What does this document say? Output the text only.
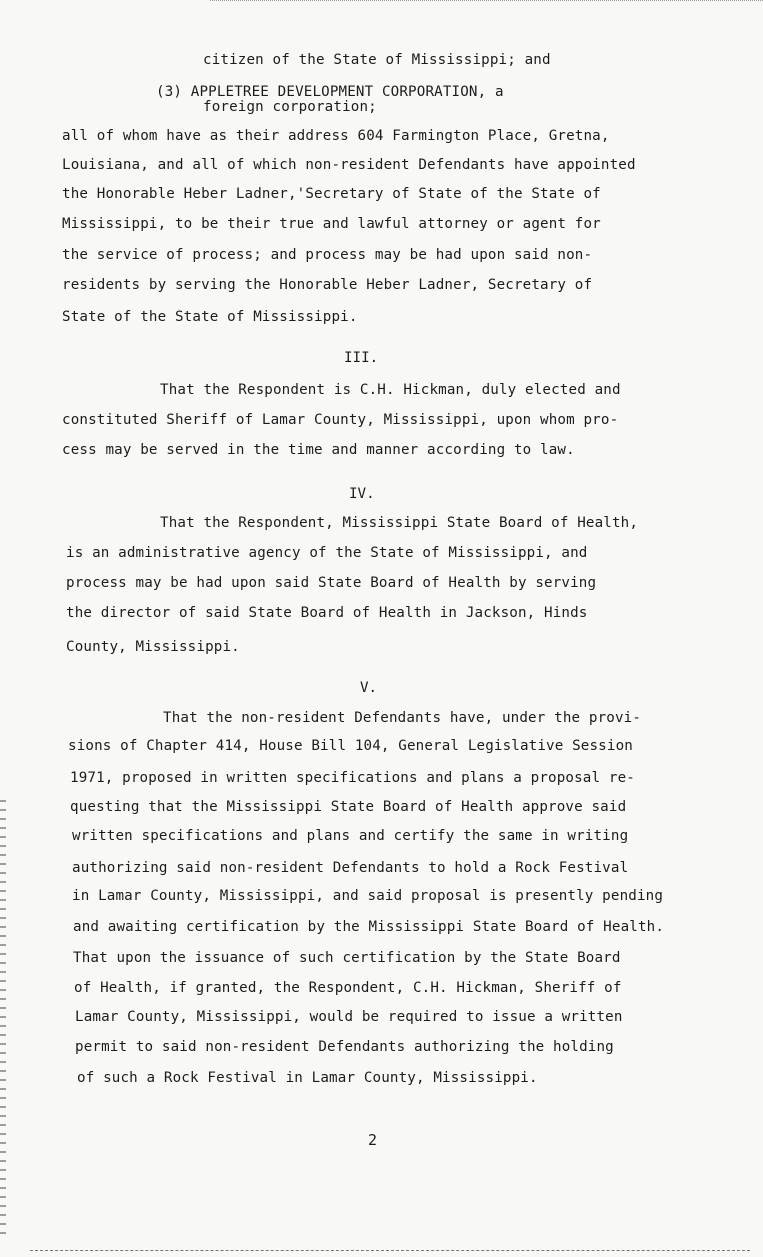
citizen of the State of Mississippi; and
(3) APPLETREE DEVELOPMENT CORPORATION, a
foreign corporation;
all of whom have as their address 604 Farmington Place, Gretna,
Louisiana, and all of which non-resident Defendants have appointed
the Honorable Heber Ladner,'Secretary of State of the State of
Mississippi, to be their true and lawful attorney or agent for
the service of process; and process may be had upon said non-
residents by serving the Honorable Heber Ladner, Secretary of
State of the State of Mississippi.
III.
That the Respondent is C.H. Hickman, duly elected and
constituted Sheriff of Lamar County, Mississippi, upon whom pro-
cess may be served in the time and manner according to law.
IV.
That the Respondent, Mississippi State Board of Health,
is an administrative agency of the State of Mississippi, and
process may be had upon said State Board of Health by serving
the director of said State Board of Health in Jackson, Hinds
County, Mississippi.
V.
That the non-resident Defendants have, under the provi-
sions of Chapter 414, House Bill 104, General Legislative Session
1971, proposed in written specifications and plans a proposal re-
questing that the Mississippi State Board of Health approve said
written specifications and plans and certify the same in writing
authorizing said non-resident Defendants to hold a Rock Festival
in Lamar County, Mississippi, and said proposal is presently pending
and awaiting certification by the Mississippi State Board of Health.
That upon the issuance of such certification by the State Board
of Health, if granted, the Respondent, C.H. Hickman, Sheriff of
Lamar County, Mississippi, would be required to issue a written
permit to said non-resident Defendants authorizing the holding
of such a Rock Festival in Lamar County, Mississippi.
2
